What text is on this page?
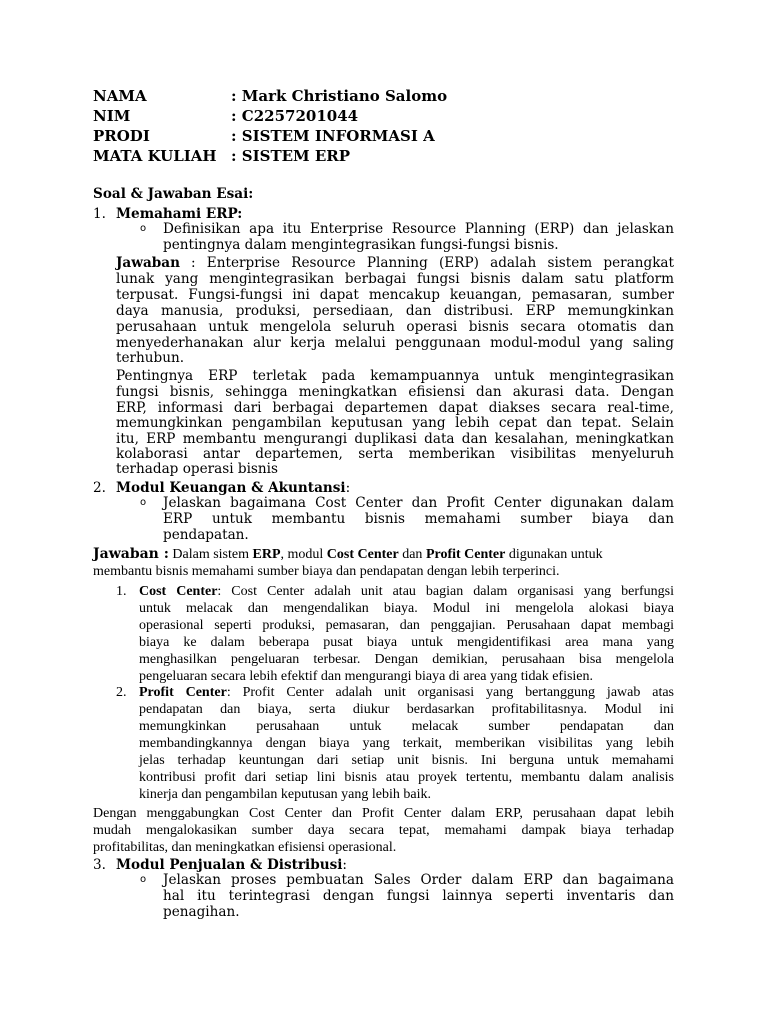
NAMA	: Mark Christiano Salomo
NIM	: C2257201044
PRODI	: SISTEM INFORMASI A
MATA KULIAH : SISTEM ERP
Soal & Jawaban Esai:
1. Memahami ERP:
o Definisikan apa itu Enterprise Resource Planning (ERP) dan jelaskan
pentingnya dalam mengintegrasikan fungsi-fungsi bisnis.
Jawaban : Enterprise Resource Planning (ERP) adalah sistem perangkat
lunak yang mengintegrasikan berbagai fungsi bisnis dalam satu platform
terpusat. Fungsi-fungsi ini dapat mencakup keuangan, pemasaran, sumber
daya manusia, produksi, persediaan, dan distribusi. ERP memungkinkan
perusahaan untuk mengelola seluruh operasi bisnis secara otomatis dan
menyederhanakan alur kerja melalui penggunaan modul-modul yang saling
terhubun.
Pentingnya ERP terletak pada kemampuannya untuk mengintegrasikan
fungsi bisnis, sehingga meningkatkan efisiensi dan akurasi data. Dengan
ERP, informasi dari berbagai departemen dapat diakses secara real-time,
memungkinkan pengambilan keputusan yang lebih cepat dan tepat. Selain
itu, ERP membantu mengurangi duplikasi data dan kesalahan, meningkatkan
kolaborasi antar departemen, serta memberikan visibilitas menyeluruh
terhadap operasi bisnis
2. Modul Keuangan & Akuntansi:
o Jelaskan bagaimana Cost Center dan Profit Center digunakan dalam
ERP untuk membantu bisnis memahami sumber biaya dan
pendapatan.
Jawaban : Dalam sistem ERP, modul Cost Center dan Profit Center digunakan untuk
membantu bisnis memahami sumber biaya dan pendapatan dengan lebih terperinci.
1. Cost Center: Cost Center adalah unit atau bagian dalam organisasi yang berfungsi
untuk melacak dan mengendalikan biaya. Modul ini mengelola alokasi biaya
operasional seperti produksi, pemasaran, dan penggajian. Perusahaan dapat membagi
biaya ke dalam beberapa pusat biaya untuk mengidentifikasi area mana yang
menghasilkan pengeluaran terbesar. Dengan demikian, perusahaan bisa mengelola
pengeluaran secara lebih efektif dan mengurangi biaya di area yang tidak efisien.
2. Profit Center: Profit Center adalah unit organisasi yang bertanggung jawab atas
pendapatan dan biaya, serta diukur berdasarkan profitabilitasnya. Modul ini
memungkinkan perusahaan untuk melacak sumber pendapatan dan
membandingkannya dengan biaya yang terkait, memberikan visibilitas yang lebih
jelas terhadap keuntungan dari setiap unit bisnis. Ini berguna untuk memahami
kontribusi profit dari setiap lini bisnis atau proyek tertentu, membantu dalam analisis
kinerja dan pengambilan keputusan yang lebih baik.
Dengan menggabungkan Cost Center dan Profit Center dalam ERP, perusahaan dapat lebih
mudah mengalokasikan sumber daya secara tepat, memahami dampak biaya terhadap
profitabilitas, dan meningkatkan efisiensi operasional.
3. Modul Penjualan & Distribusi:
o Jelaskan proses pembuatan Sales Order dalam ERP dan bagaimana
hal itu terintegrasi dengan fungsi lainnya seperti inventaris dan
penagihan.
